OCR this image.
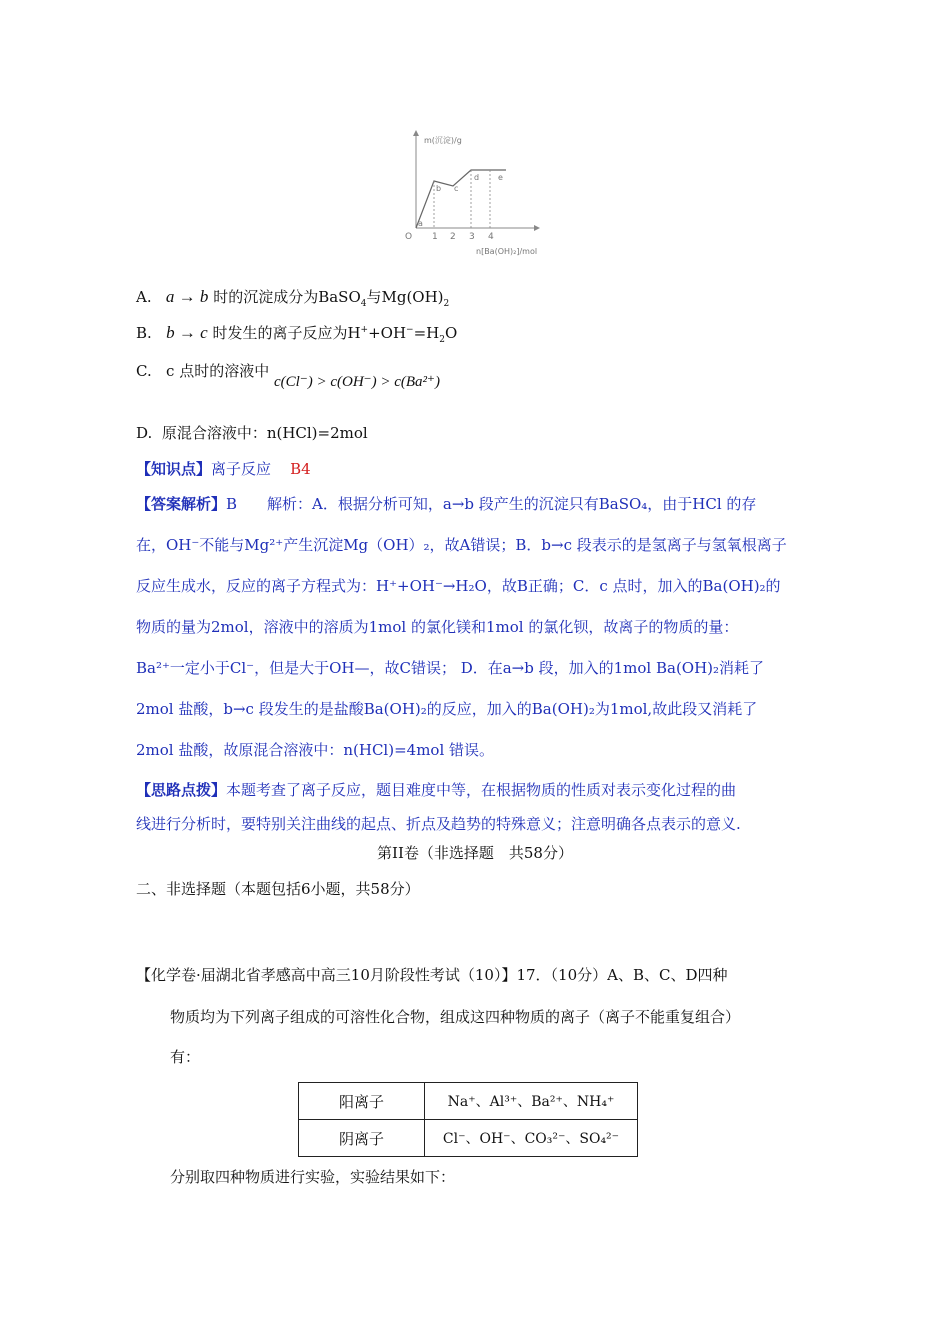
m(沉淀)/g
O 1 2 3 4
n[Ba(OH)₂]/mol
a
b c
d e
A. a → b 时的沉淀成分为BaSO$_4$与$Mg(OH)_2$
B. b → c 时发生的离子反应为$H^++OH^-=H_2O$
C. c 点时的溶液中
c(Cl⁻) > c(OH⁻) > c(Ba²⁺)
D. 原混合溶液中：n(HCl)=2mol
【知识点】离子反应 B4
【答案解析】B　　解析：A．根据分析可知，a→b 段产生的沉淀只有BaSO₄，由于HCl 的存
在，OH⁻不能与Mg²⁺产生沉淀Mg（OH）₂，故A错误；B．b→c 段表示的是氢离子与氢氧根离子
反应生成水，反应的离子方程式为：H⁺+OH⁻→H₂O，故B正确；C．c 点时，加入的Ba(OH)₂的
物质的量为2mol，溶液中的溶质为1mol 的氯化镁和1mol 的氯化钡，故离子的物质的量：
Ba²⁺一定小于Cl⁻，但是大于OH—，故C错误； D．在a→b 段，加入的1mol Ba(OH)₂消耗了
2mol 盐酸，b→c 段发生的是盐酸Ba(OH)₂的反应，加入的Ba(OH)₂为1mol,故此段又消耗了
2mol 盐酸，故原混合溶液中：n(HCl)=4mol 错误。
【思路点拨】本题考查了离子反应，题目难度中等，在根据物质的性质对表示变化过程的曲
线进行分析时，要特别关注曲线的起点、折点及趋势的特殊意义；注意明确各点表示的意义.
第II卷（非选择题　共58分）
二、非选择题（本题包括6小题，共58分）
【化学卷·届湖北省孝感高中高三10月阶段性考试（10）】17．（10分）A、B、C、D四种
物质均为下列离子组成的可溶性化合物，组成这四种物质的离子（离子不能重复组合）
有：
阳离子	Na⁺、Al³⁺、Ba²⁺、NH₄⁺
阴离子	Cl⁻、OH⁻、CO₃²⁻、SO₄²⁻
分别取四种物质进行实验，实验结果如下：
